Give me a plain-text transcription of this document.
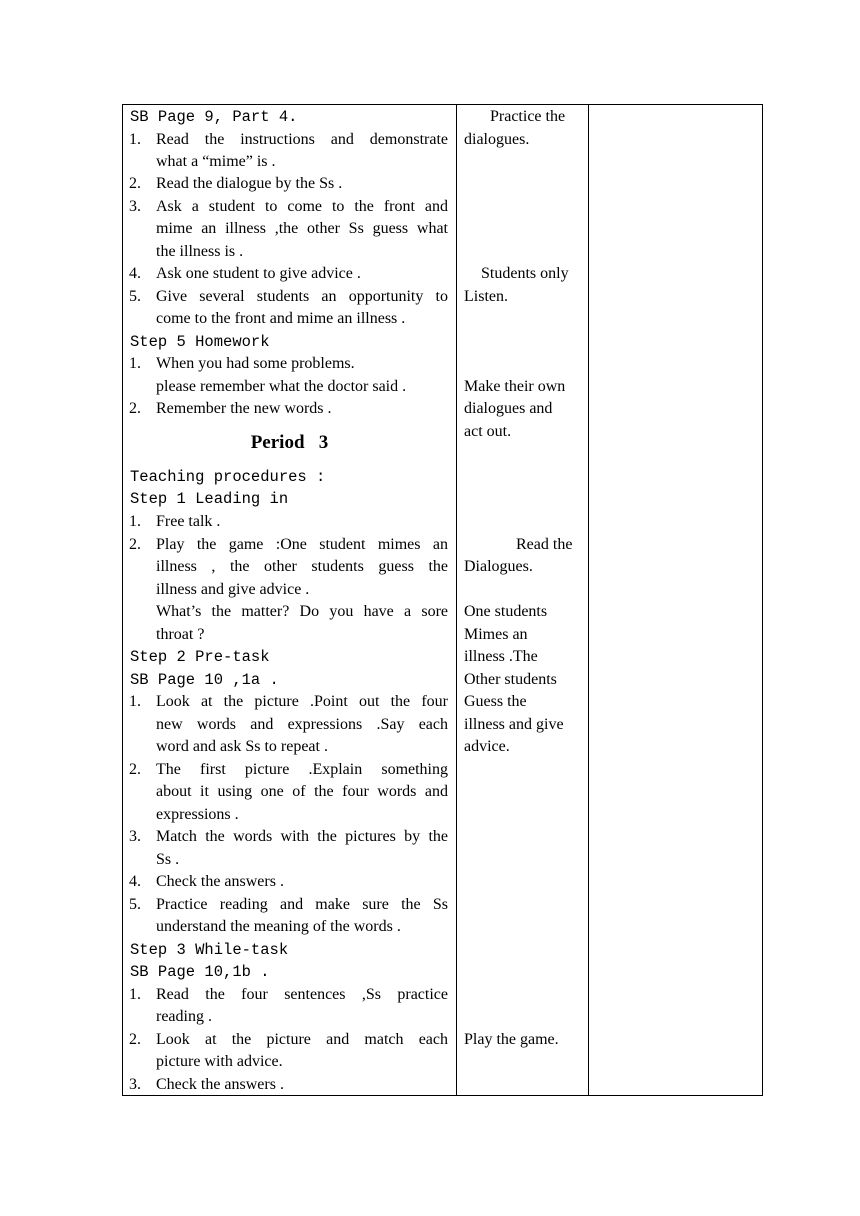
SB Page 9, Part 4.
1. Read the instructions and demonstrate
what a “mime” is .
2. Read the dialogue by the Ss .
3. Ask a student to come to the front and
mime an illness ,the other Ss guess what
the illness is .
4. Ask one student to give advice .
5. Give several students an opportunity to
come to the front and mime an illness .
Step 5 Homework
1. When you had some problems.
please remember what the doctor said .
2. Remember the new words .
Period   3
Teaching procedures :
Step 1 Leading in
1. Free talk .
2. Play the game :One student mimes an
illness , the other students guess the
illness and give advice .
What’s the matter? Do you have a sore
throat ?
Step 2 Pre-task
SB Page 10 ,1a .
1. Look at the picture .Point out the four
new words and expressions .Say each
word and ask Ss to repeat .
2. The first picture .Explain something
about it using one of the four words and
expressions .
3. Match the words with the pictures by the
Ss .
4. Check the answers .
5. Practice reading and make sure the Ss
understand the meaning of the words .
Step 3 While-task
SB Page 10,1b .
1. Read the four sentences ,Ss practice
reading .
2. Look at the picture and match each
picture with advice.
3. Check the answers .
Practice the
dialogues.
Students only
Listen.
Make their own
dialogues and
act out.
Read the
Dialogues.
One students
Mimes an
illness .The
Other students
Guess the
illness and give
advice.
Play the game.
